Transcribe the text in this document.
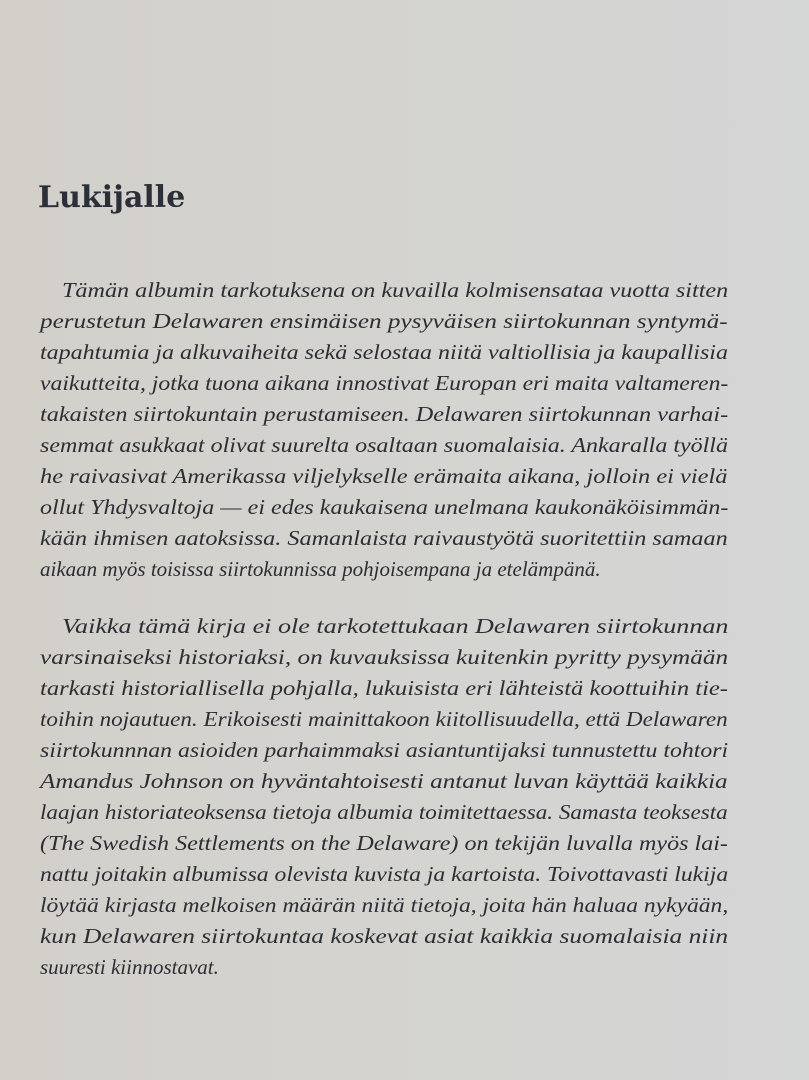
Lukijalle
Tämän albumin tarkotuksena on kuvailla kolmisensataa vuotta sitten
perustetun Delawaren ensimäisen pysyväisen siirtokunnan syntymä-
tapahtumia ja alkuvaiheita sekä selostaa niitä valtiollisia ja kaupallisia
vaikutteita, jotka tuona aikana innostivat Europan eri maita valtameren-
takaisten siirtokuntain perustamiseen. Delawaren siirtokunnan varhai-
semmat asukkaat olivat suurelta osaltaan suomalaisia. Ankaralla työllä
he raivasivat Amerikassa viljelykselle erämaita aikana, jolloin ei vielä
ollut Yhdysvaltoja — ei edes kaukaisena unelmana kaukonäköisimmän-
kään ihmisen aatoksissa. Samanlaista raivaustyötä suoritettiin samaan
aikaan myös toisissa siirtokunnissa pohjoisempana ja etelämpänä.
Vaikka tämä kirja ei ole tarkotettukaan Delawaren siirtokunnan
varsinaiseksi historiaksi, on kuvauksissa kuitenkin pyritty pysymään
tarkasti historiallisella pohjalla, lukuisista eri lähteistä koottuihin tie-
toihin nojautuen. Erikoisesti mainittakoon kiitollisuudella, että Delawaren
siirtokunnnan asioiden parhaimmaksi asiantuntijaksi tunnustettu tohtori
Amandus Johnson on hyväntahtoisesti antanut luvan käyttää kaikkia
laajan historiateoksensa tietoja albumia toimitettaessa. Samasta teoksesta
(The Swedish Settlements on the Delaware) on tekijän luvalla myös lai-
nattu joitakin albumissa olevista kuvista ja kartoista. Toivottavasti lukija
löytää kirjasta melkoisen määrän niitä tietoja, joita hän haluaa nykyään,
kun Delawaren siirtokuntaa koskevat asiat kaikkia suomalaisia niin
suuresti kiinnostavat.
